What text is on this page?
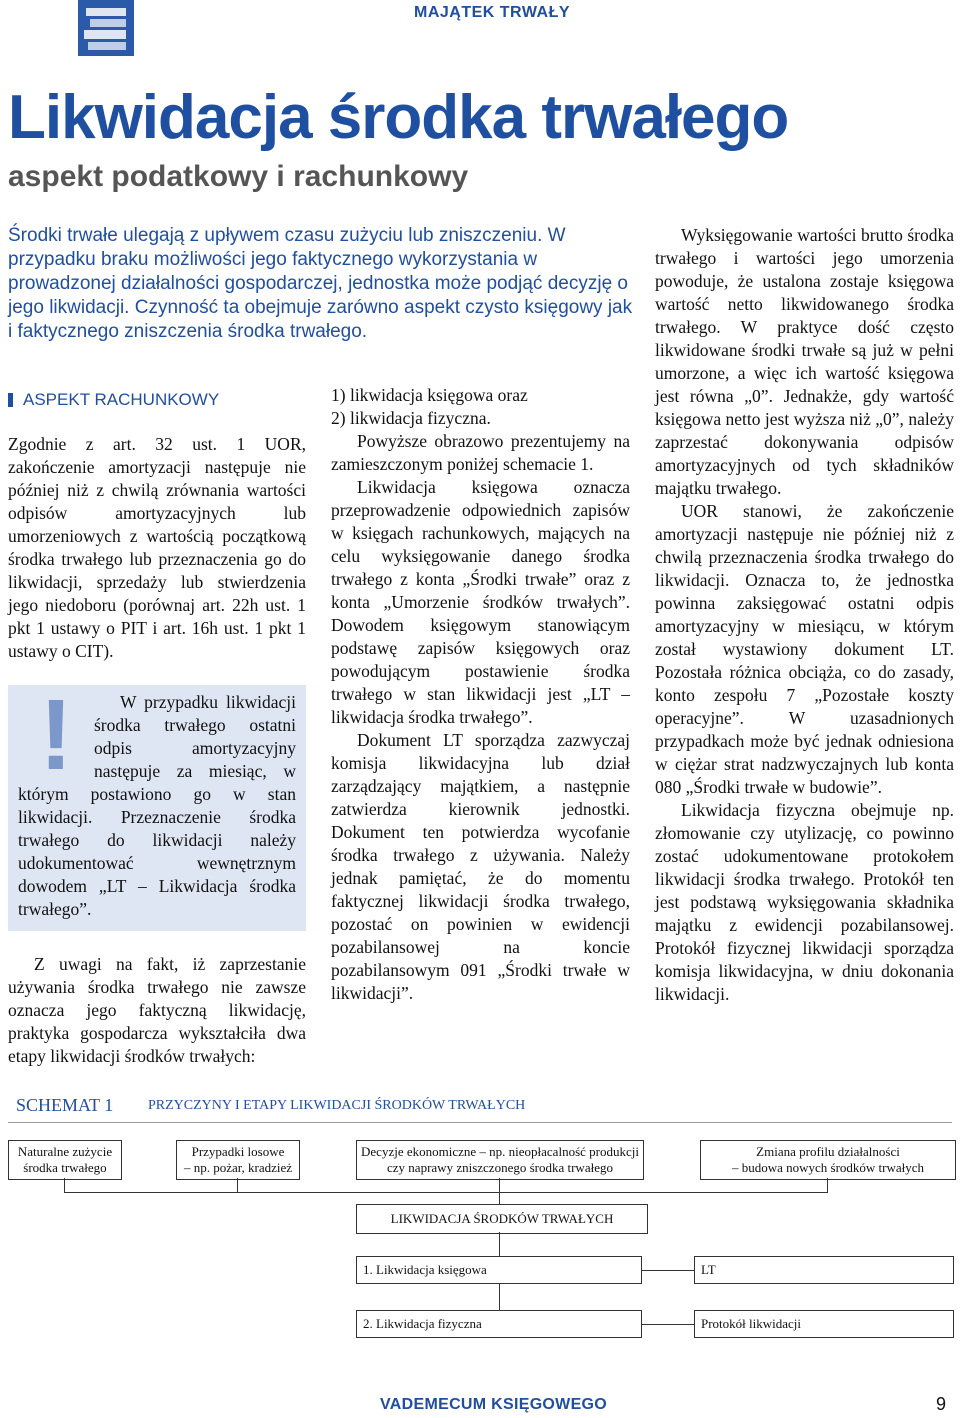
MAJĄTEK TRWAŁY
Likwidacja środka trwałego
aspekt podatkowy i rachunkowy
Środki trwałe ulegają z upływem czasu zużyciu lub zniszczeniu. W przypadku braku możliwości jego faktycznego wykorzystania w prowadzonej działalności gospodarczej, jednostka może podjąć decyzję o jego likwidacji. Czynność ta obejmuje zarówno aspekt czysto księgowy jak i faktycznego zniszczenia środka trwałego.
ASPEKT RACHUNKOWY

Zgodnie z art. 32 ust. 1 UOR, zakończenie amortyzacji następuje nie później niż z chwilą zrównania wartości odpisów amortyzacyjnych lub umorzeniowych z wartością początkową środka trwałego lub przeznaczenia go do likwidacji, sprzedaży lub stwierdzenia jego niedoboru (porównaj art. 22h ust. 1 pkt 1 ustawy o PIT i art. 16h ust. 1 pkt 1 ustawy o CIT).

!	W przypadku likwidacji środka trwałego ostatni odpis amortyzacyjny następuje za miesiąc, w którym postawiono go w stan likwidacji. Przeznaczenie środka trwałego do likwidacji należy udokumentować wewnętrznym dowodem „LT – Likwidacja środka trwałego”.

Z uwagi na fakt, iż zaprzestanie używania środka trwałego nie zawsze oznacza jego faktyczną likwidację, praktyka gospodarcza wykształciła dwa etapy likwidacji środków trwałych:

1) likwidacja księgowa oraz

2) likwidacja fizyczna.

Powyższe obrazowo prezentujemy na zamieszczonym poniżej schemacie 1.

Likwidacja księgowa oznacza przeprowadzenie odpowiednich zapisów w księgach rachunkowych, mających na celu wyksięgowanie danego środka trwałego z konta „Środki trwałe” oraz z konta „Umorzenie środków trwałych”. Dowodem księgowym stanowiącym podstawę zapisów księgowych oraz powodującym postawienie środka trwałego w stan likwidacji jest „LT – likwidacja środka trwałego”.

Dokument LT sporządza zazwyczaj komisja likwidacyjna lub dział zarządzający majątkiem, a następnie zatwierdza kierownik jednostki. Dokument ten potwierdza wycofanie środka trwałego z używania. Należy jednak pamiętać, że do momentu faktycznej likwidacji środka trwałego, pozostać on powinien w ewidencji pozabilansowej na koncie pozabilansowym 091 „Środki trwałe w likwidacji”.

Wyksięgowanie wartości brutto środka trwałego i wartości jego umorzenia powoduje, że ustalona zostaje księgowa wartość netto likwidowanego środka trwałego. W praktyce dość często likwidowane środki trwałe są już w pełni umorzone, a więc ich wartość księgowa jest równa „0”. Jednakże, gdy wartość księgowa netto jest wyższa niż „0”, należy zaprzestać dokonywania odpisów amortyzacyjnych od tych składników majątku trwałego.

UOR stanowi, że zakończenie amortyzacji następuje nie później niż z chwilą przeznaczenia środka trwałego do likwidacji. Oznacza to, że jednostka powinna zaksięgować ostatni odpis amortyzacyjny w miesiącu, w którym został wystawiony dokument LT. Pozostała różnica obciąża, co do zasady, konto zespołu 7 „Pozostałe koszty operacyjne”. W uzasadnionych przypadkach może być jednak odniesiona w ciężar strat nadzwyczajnych lub konta 080 „Środki trwałe w budowie”.

Likwidacja fizyczna obejmuje np. złomowanie czy utylizację, co powinno zostać udokumentowane protokołem likwidacji środka trwałego. Protokół ten jest podstawą wyksięgowania składnika majątku z ewidencji pozabilansowej. Protokół fizycznej likwidacji sporządza komisja likwidacyjna, w dniu dokonania likwidacji.

SCHEMAT 1 PRZYCZYNY I ETAPY LIKWIDACJI ŚRODKÓW TRWAŁYCH
Naturalne zużycie
środka trwałego
Przypadki losowe
– np. pożar, kradzież
Decyzje ekonomiczne – np. nieopłacalność produkcji
czy naprawy zniszczonego środka trwałego
Zmiana profilu działalności
– budowa nowych środków trwałych
LIKWIDACJA ŚRODKÓW TRWAŁYCH
1. Likwidacja księgowa	LT
2. Likwidacja fizyczna	Protokół likwidacji
VADEMECUM KSIĘGOWEGO	9
